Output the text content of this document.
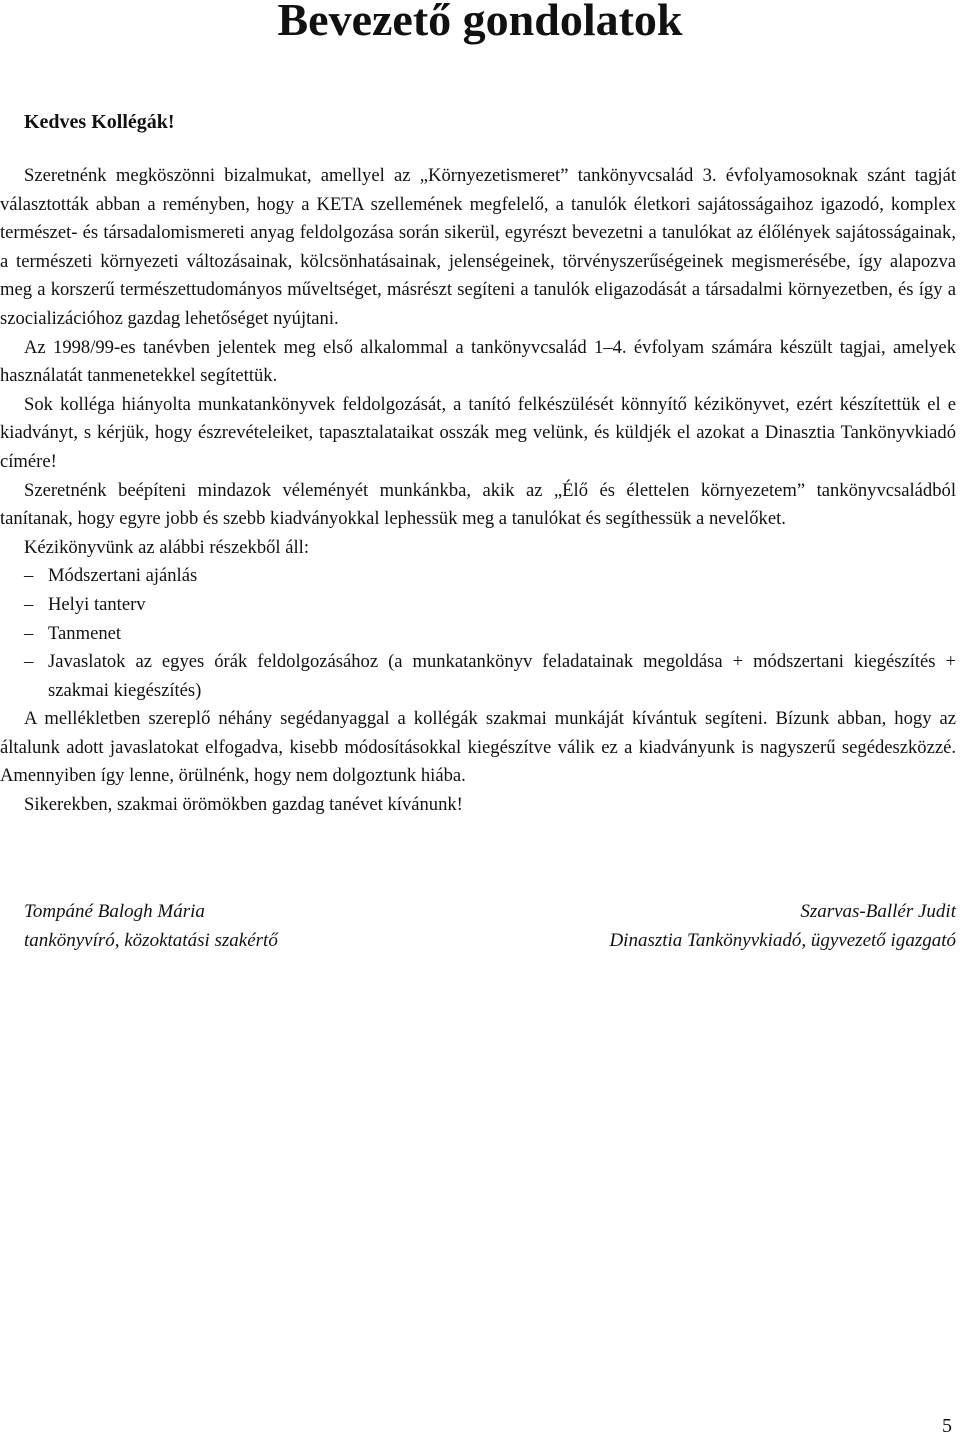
Bevezető gondolatok

Kedves Kollégák!

Szeretnénk megköszönni bizalmukat, amellyel az „Környezetismeret” tankönyvcsalád 3. évfolyamosoknak szánt tagját választották abban a reményben, hogy a KETA szellemének megfelelő, a tanulók életkori sajátosságaihoz igazodó, komplex természet- és társadalomismereti anyag feldolgozása során sikerül, egyrészt bevezetni a tanulókat az élőlények sajátosságainak, a természeti környezeti változásainak, kölcsönhatásainak, jelenségeinek, törvényszerűségeinek megismerésébe, így alapozva meg a korszerű természettudományos műveltséget, másrészt segíteni a tanulók eligazodását a társadalmi környezetben, és így a szocializációhoz gazdag lehetőséget nyújtani.

Az 1998/99-es tanévben jelentek meg első alkalommal a tankönyvcsalád 1–4. évfolyam számára készült tagjai, amelyek használatát tanmenetekkel segítettük.

Sok kolléga hiányolta munkatankönyvek feldolgozását, a tanító felkészülését könnyítő kézikönyvet, ezért készítettük el e kiadványt, s kérjük, hogy észrevételeiket, tapasztalataikat osszák meg velünk, és küldjék el azokat a Dinasztia Tankönyvkiadó címére!

Szeretnénk beépíteni mindazok véleményét munkánkba, akik az „Élő és élettelen környezetem” tankönyvcsaládból tanítanak, hogy egyre jobb és szebb kiadványokkal lephessük meg a tanulókat és segíthessük a nevelőket.

Kézikönyvünk az alábbi részekből áll:

– Módszertani ajánlás
– Helyi tanterv
– Tanmenet
– Javaslatok az egyes órák feldolgozásához (a munkatankönyv feladatainak megoldása + módszertani kiegészítés + szakmai kiegészítés)

A mellékletben szereplő néhány segédanyaggal a kollégák szakmai munkáját kívántuk segíteni. Bízunk abban, hogy az általunk adott javaslatokat elfogadva, kisebb módosításokkal kiegészítve válik ez a kiadványunk is nagyszerű segédeszközzé. Amennyiben így lenne, örülnénk, hogy nem dolgoztunk hiába.

Sikerekben, szakmai örömökben gazdag tanévet kívánunk!

Tompáné Balogh Mária
tankönyvíró, közoktatási szakértő
Szarvas-Ballér Judit
Dinasztia Tankönyvkiadó, ügyvezető igazgató
5
